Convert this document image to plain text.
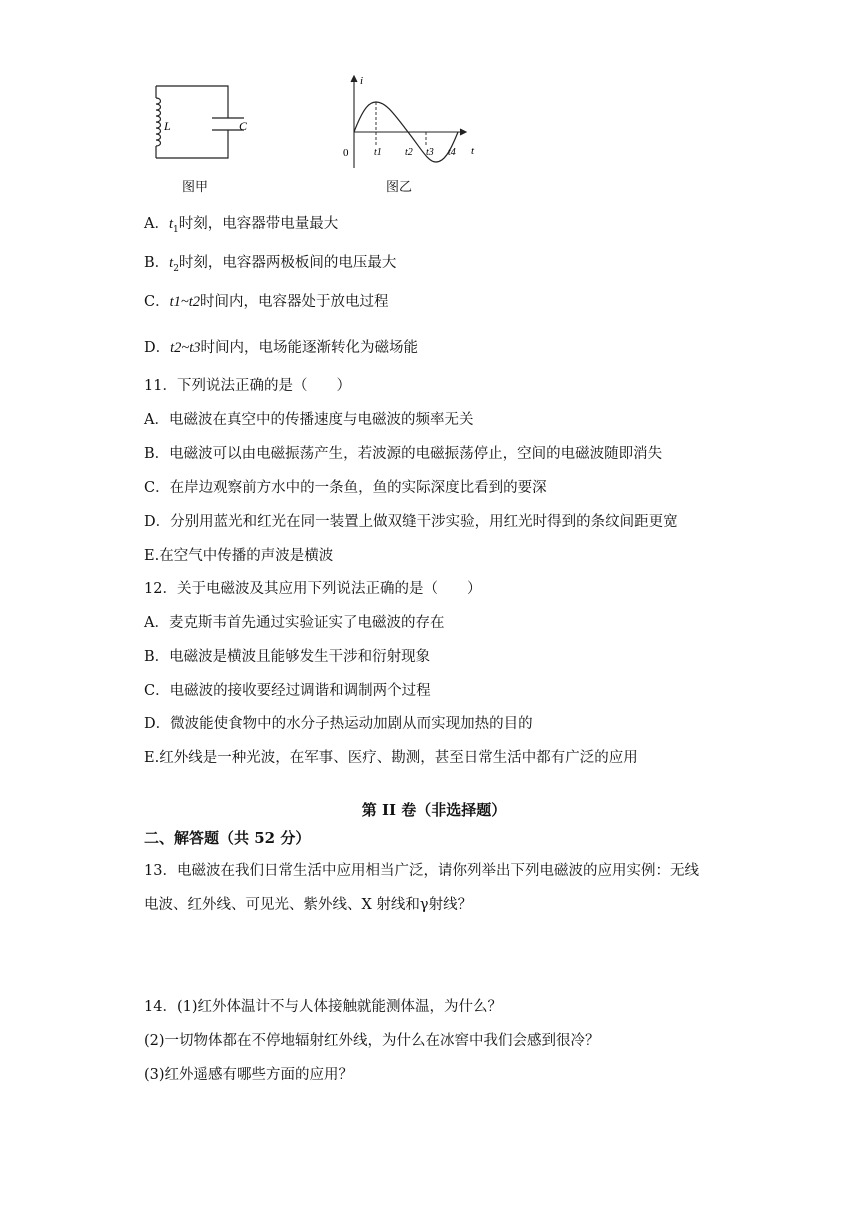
L	C
图甲
i
t
0	t1 t2 t3 t4
图乙
A．$t_1$时刻，电容器带电量最大
B．$t_2$时刻，电容器两极板间的电压最大
C．t1~t2时间内，电容器处于放电过程
D．t2~t3时间内，电场能逐渐转化为磁场能
11．下列说法正确的是（　　）
A．电磁波在真空中的传播速度与电磁波的频率无关
B．电磁波可以由电磁振荡产生，若波源的电磁振荡停止，空间的电磁波随即消失
C．在岸边观察前方水中的一条鱼，鱼的实际深度比看到的要深
D．分别用蓝光和红光在同一装置上做双缝干涉实验，用红光时得到的条纹间距更宽
E.在空气中传播的声波是横波
12．关于电磁波及其应用下列说法正确的是（　　）
A．麦克斯韦首先通过实验证实了电磁波的存在
B．电磁波是横波且能够发生干涉和衍射现象
C．电磁波的接收要经过调谐和调制两个过程
D．微波能使食物中的水分子热运动加剧从而实现加热的目的
E.红外线是一种光波，在军事、医疗、勘测，甚至日常生活中都有广泛的应用
第 II 卷（非选择题）
二、解答题（共 52 分）
13．电磁波在我们日常生活中应用相当广泛，请你列举出下列电磁波的应用实例：无线
电波、红外线、可见光、紫外线、X 射线和γ射线？
14．(1)红外体温计不与人体接触就能测体温，为什么？
(2)一切物体都在不停地辐射红外线，为什么在冰窖中我们会感到很冷？
(3)红外遥感有哪些方面的应用？
